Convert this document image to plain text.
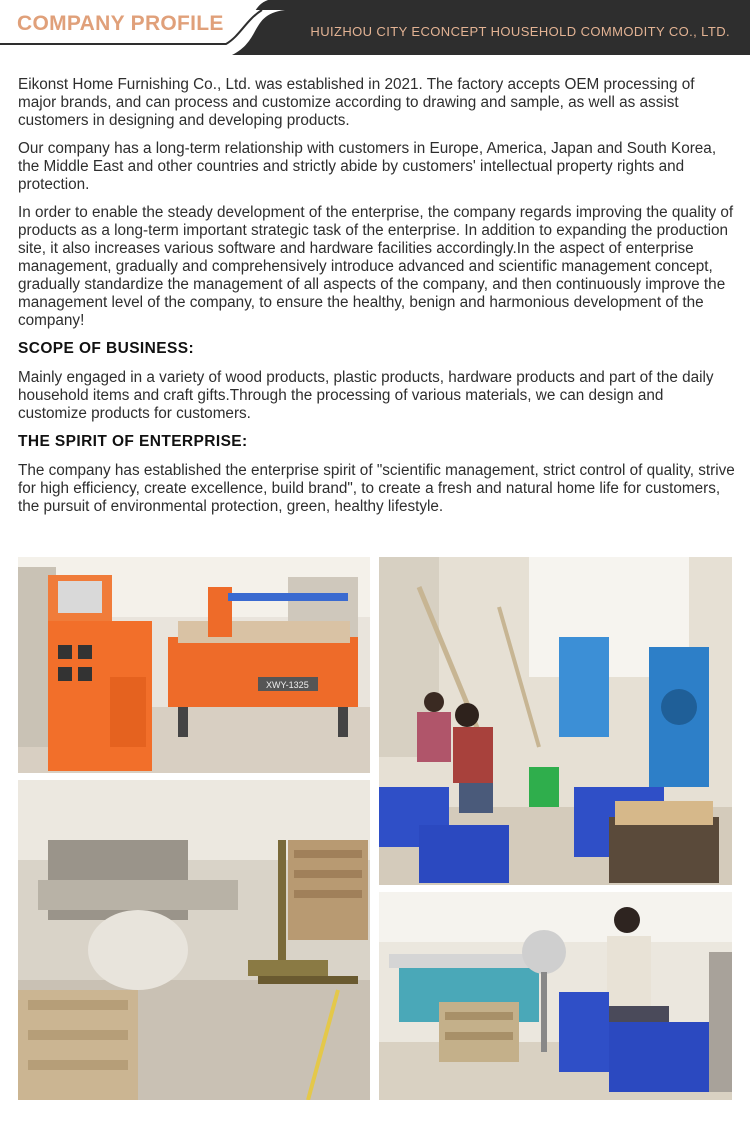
COMPANY PROFILE	HUIZHOU CITY ECONCEPT HOUSEHOLD COMMODITY CO., LTD.

Eikonst Home Furnishing Co., Ltd. was established in 2021. The factory accepts OEM processing of major brands, and can process and customize according to drawing and sample, as well as assist customers in designing and developing products.

Our company has a long-term relationship with customers in Europe, America, Japan and South Korea, the Middle East and other countries and strictly abide by customers' intellectual property rights and protection.

In order to enable the steady development of the enterprise, the company regards improving the quality of products as a long-term important strategic task of the enterprise. In addition to expanding the production site, it also increases various software and hardware facilities accordingly.In the aspect of enterprise management, gradually and comprehensively introduce advanced and scientific management concept, gradually standardize the management of all aspects of the company, and then continuously improve the management level of the company, to ensure the healthy, benign and harmonious development of the company!

SCOPE OF BUSINESS:

Mainly engaged in a variety of wood products, plastic products, hardware products and part of the daily household items and craft gifts.Through the processing of various materials, we can design and customize products for customers.

THE SPIRIT OF ENTERPRISE:

The company has established the enterprise spirit of "scientific management, strict control of quality, strive for high efficiency, create excellence, build brand", to create a fresh and natural home life for customers, the pursuit of environmental protection, green, healthy lifestyle.

XWY-1325
